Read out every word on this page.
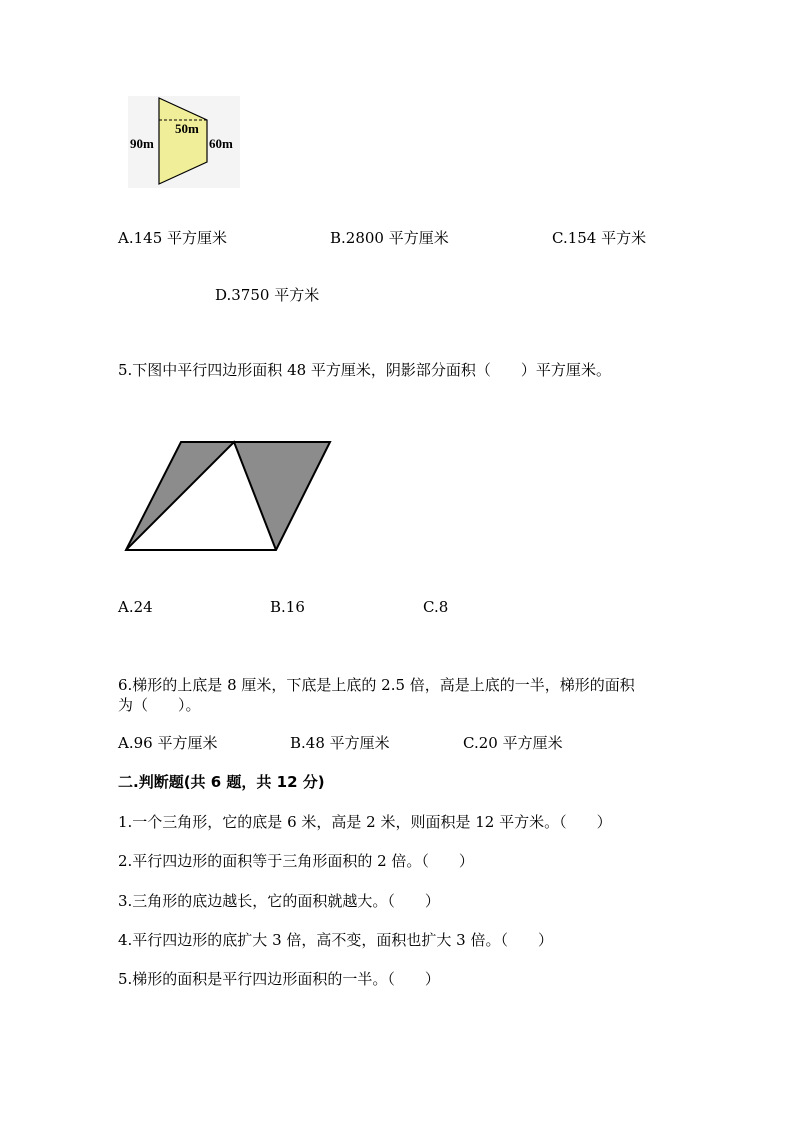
90m
50m
60m
A.145 平方厘米	B.2800 平方厘米	C.154 平方米
D.3750 平方米
5.下图中平行四边形面积 48 平方厘米，阴影部分面积（　　）平方厘米。
A.24	B.16	C.8
6.梯形的上底是 8 厘米，下底是上底的 2.5 倍，高是上底的一半，梯形的面积
为（　　）。
A.96 平方厘米	B.48 平方厘米	C.20 平方厘米
二.判断题(共 6 题，共 12 分)
1.一个三角形，它的底是 6 米，高是 2 米，则面积是 12 平方米。（　　）
2.平行四边形的面积等于三角形面积的 2 倍。（　　）
3.三角形的底边越长，它的面积就越大。（　　）
4.平行四边形的底扩大 3 倍，高不变，面积也扩大 3 倍。（　　）
5.梯形的面积是平行四边形面积的一半。（　　）
